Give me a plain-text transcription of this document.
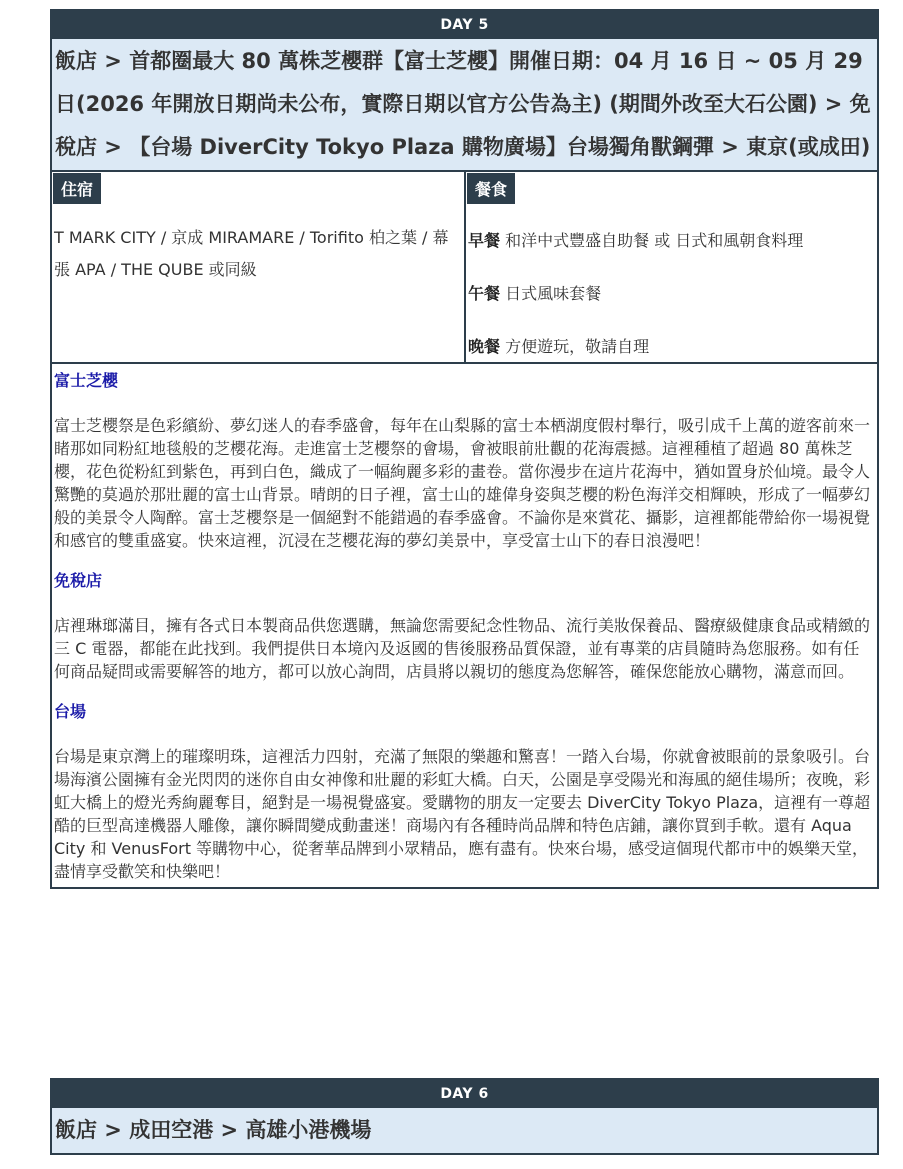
DAY 5
飯店 > 首都圈最大 80 萬株芝櫻群【富士芝櫻】開催日期：04 月 16 日 ~ 05 月 29 日(2026 年開放日期尚未公布，實際日期以官方公告為主) (期間外改至大石公園) > 免稅店 > 【台場 DiverCity Tokyo Plaza 購物廣場】台場獨角獸鋼彈 > 東京(或成田)
住宿
T MARK CITY / 京成 MIRAMARE / Torifito 柏之葉 / 幕張 APA / THE QUBE 或同級
餐食
早餐 和洋中式豐盛自助餐 或 日式和風朝食料理
午餐 日式風味套餐
晚餐 方便遊玩，敬請自理
富士芝櫻
富士芝櫻祭是色彩繽紛、夢幻迷人的春季盛會，每年在山梨縣的富士本栖湖度假村舉行，吸引成千上萬的遊客前來一睹那如同粉紅地毯般的芝櫻花海。走進富士芝櫻祭的會場，會被眼前壯觀的花海震撼。這裡種植了超過 80 萬株芝櫻，花色從粉紅到紫色，再到白色，織成了一幅絢麗多彩的畫卷。當你漫步在這片花海中，猶如置身於仙境。最令人驚艷的莫過於那壯麗的富士山背景。晴朗的日子裡，富士山的雄偉身姿與芝櫻的粉色海洋交相輝映，形成了一幅夢幻般的美景令人陶醉。富士芝櫻祭是一個絕對不能錯過的春季盛會。不論你是來賞花、攝影，這裡都能帶給你一場視覺和感官的雙重盛宴。快來這裡，沉浸在芝櫻花海的夢幻美景中，享受富士山下的春日浪漫吧！
免稅店
店裡琳瑯滿目，擁有各式日本製商品供您選購，無論您需要紀念性物品、流行美妝保養品、醫療級健康食品或精緻的三 C 電器，都能在此找到。我們提供日本境內及返國的售後服務品質保證，並有專業的店員隨時為您服務。如有任何商品疑問或需要解答的地方，都可以放心詢問，店員將以親切的態度為您解答，確保您能放心購物，滿意而回。
台場
台場是東京灣上的璀璨明珠，這裡活力四射，充滿了無限的樂趣和驚喜！一踏入台場，你就會被眼前的景象吸引。台場海濱公園擁有金光閃閃的迷你自由女神像和壯麗的彩虹大橋。白天，公園是享受陽光和海風的絕佳場所；夜晚，彩虹大橋上的燈光秀絢麗奪目，絕對是一場視覺盛宴。愛購物的朋友一定要去 DiverCity Tokyo Plaza，這裡有一尊超酷的巨型高達機器人雕像，讓你瞬間變成動畫迷！商場內有各種時尚品牌和特色店鋪，讓你買到手軟。還有 Aqua City 和 VenusFort 等購物中心，從奢華品牌到小眾精品，應有盡有。快來台場，感受這個現代都市中的娛樂天堂，盡情享受歡笑和快樂吧！
DAY 6
飯店 > 成田空港 > 高雄小港機場
